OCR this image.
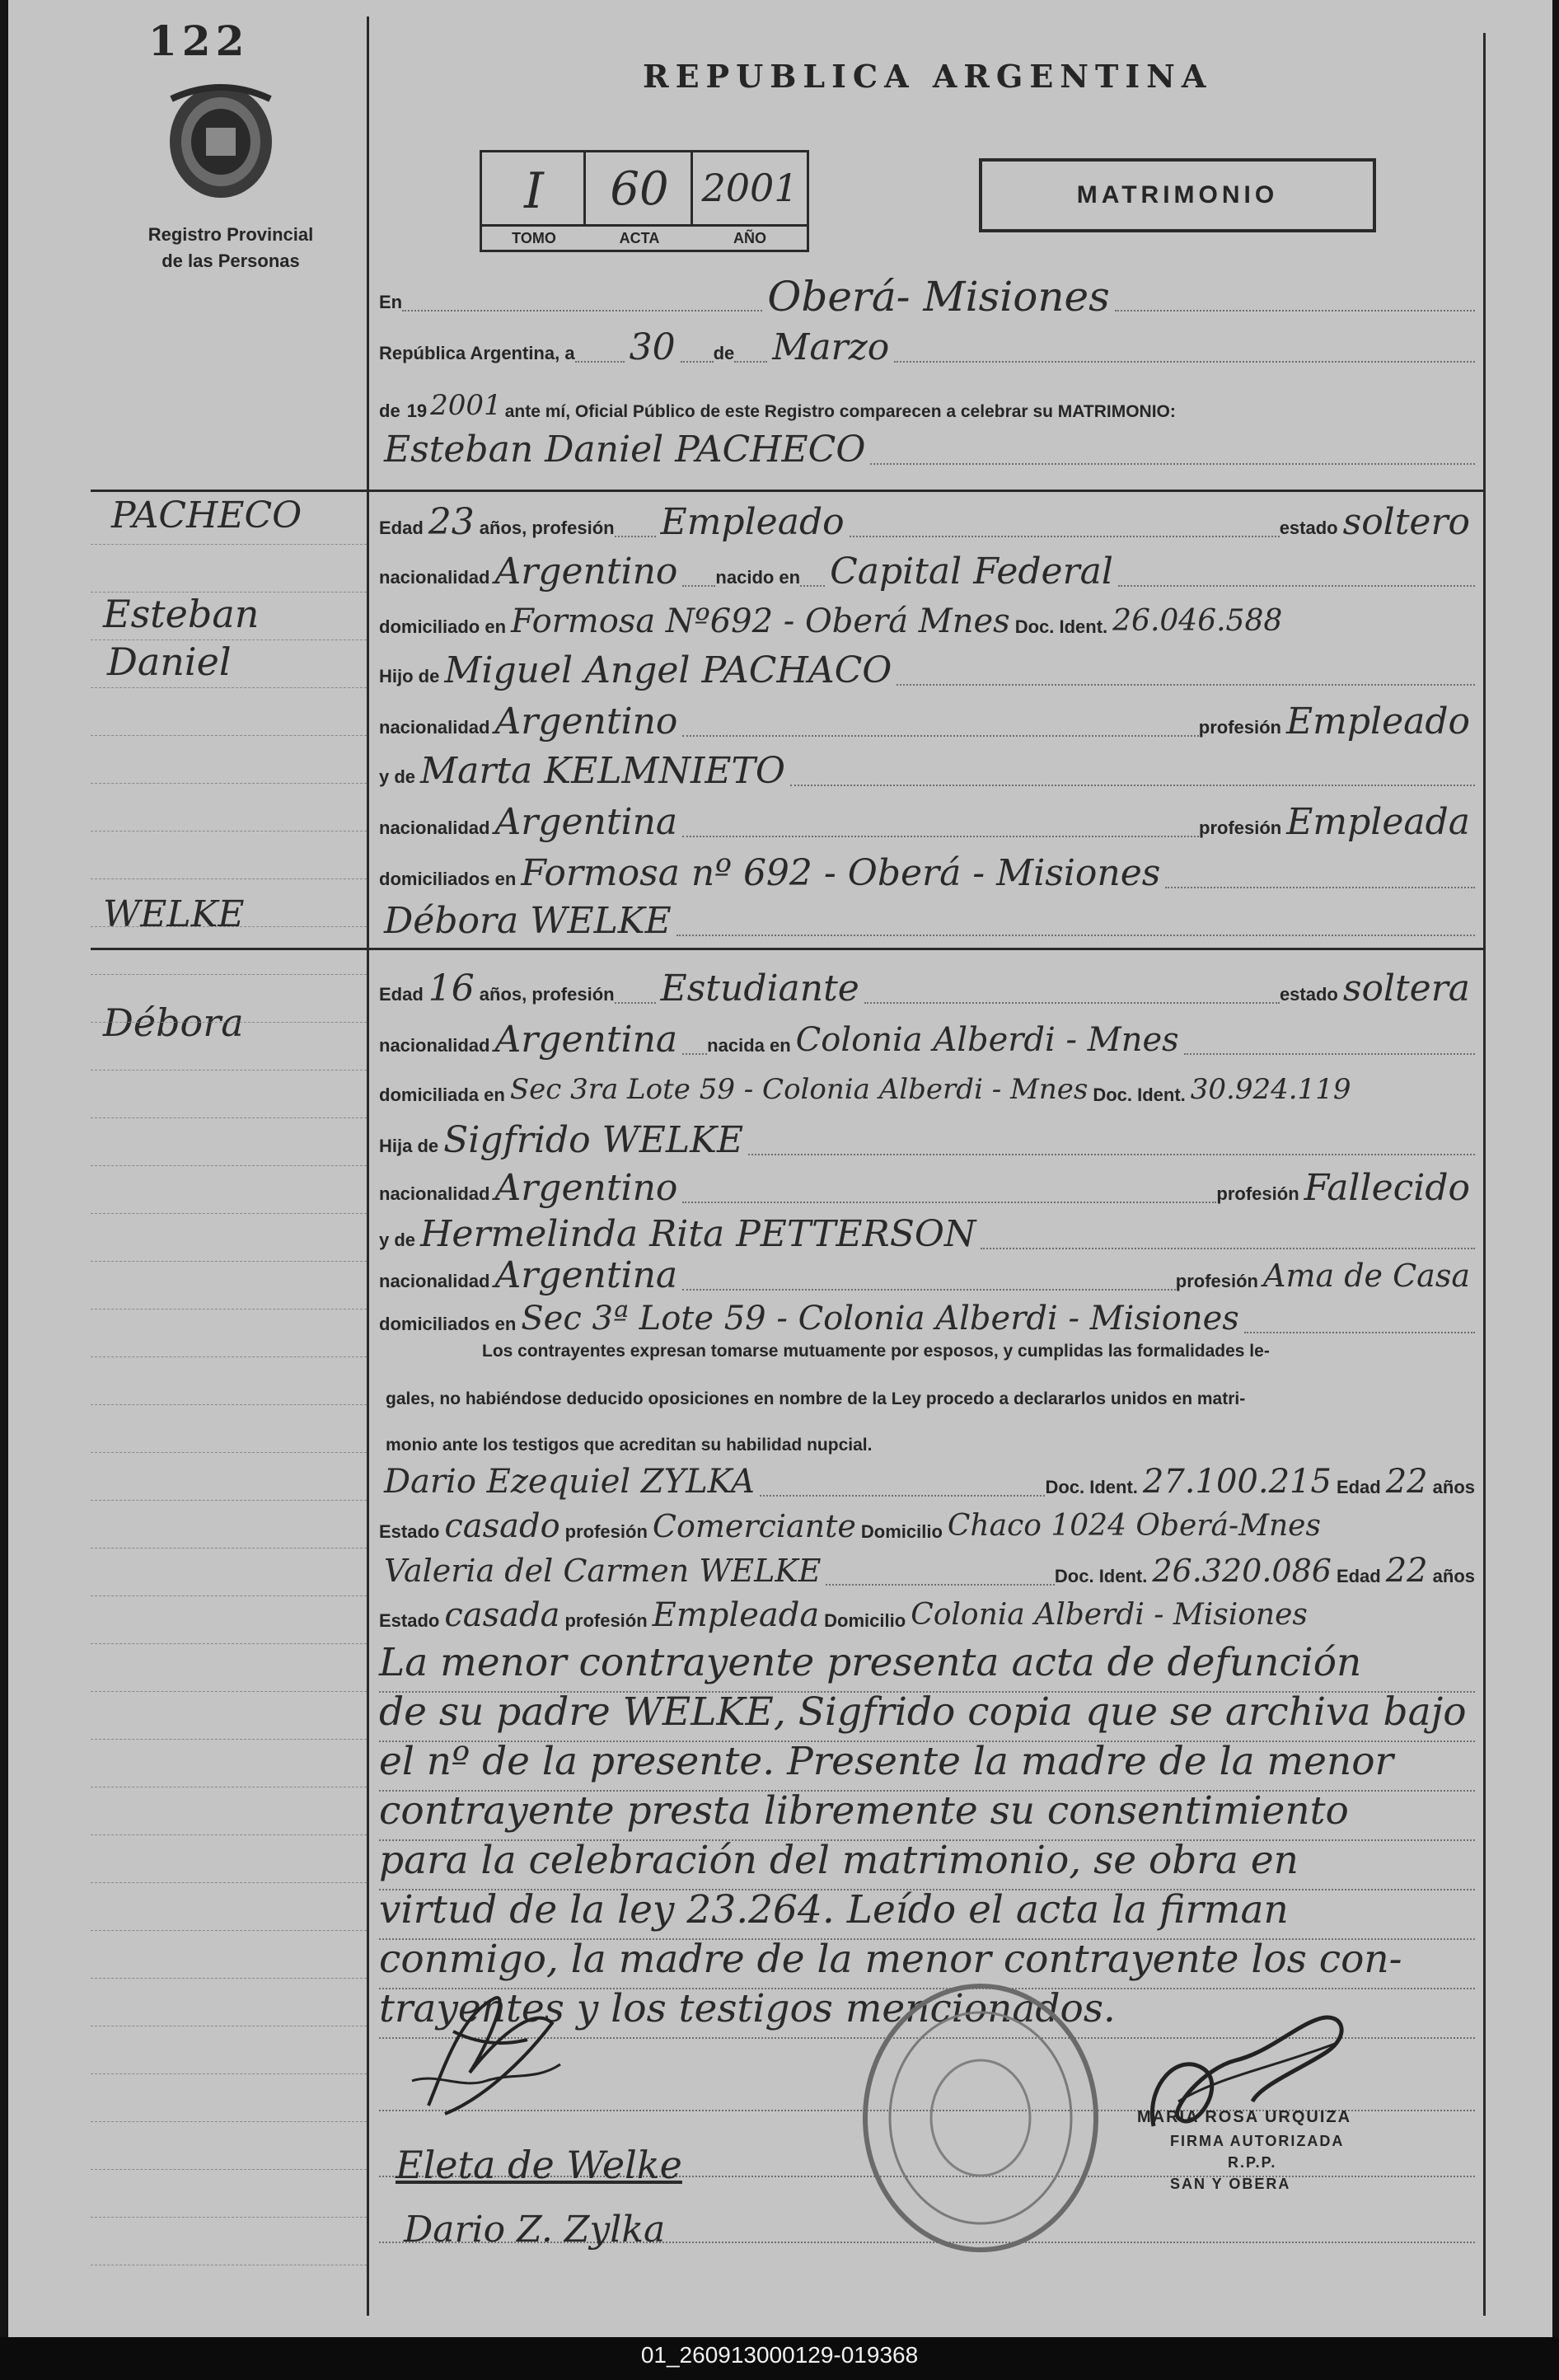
122
Registro Provincial
de las Personas
REPUBLICA ARGENTINA
I	60 2001
TOMO	ACTA	AÑO
MATRIMONIO
En	Oberá- Misiones
República Argentina, a 30 de Marzo
de 19 2001 ante mí, Oficial Público de este Registro comparecen a celebrar su MATRIMONIO:
Esteban Daniel PACHECO
Edad 23 años, profesión Empleado	estado soltero
nacionalidad Argentino nacido en Capital Federal
domiciliado en Formosa Nº692 - Oberá Mnes Doc. Ident. 26.046.588
Hijo de Miguel Angel PACHACO
nacionalidad Argentino	profesión Empleado
y de Marta KELMNIETO
nacionalidad Argentina	profesión Empleada
domiciliados en Formosa nº 692 - Oberá - Misiones
Débora WELKE
Edad 16 años, profesión Estudiante	estado soltera
nacionalidad Argentina nacida en Colonia Alberdi - Mnes
domiciliada en Sec 3ra Lote 59 - Colonia Alberdi - Mnes Doc. Ident. 30.924.119
Hija de Sigfrido WELKE
nacionalidad Argentino	profesión Fallecido
y de Hermelinda Rita PETTERSON
nacionalidad Argentina	profesión Ama de Casa
domiciliados en Sec 3ª Lote 59 - Colonia Alberdi - Misiones
Los contrayentes expresan tomarse mutuamente por esposos, y cumplidas las formalidades le-
gales, no habiéndose deducido oposiciones en nombre de la Ley procedo a declararlos unidos en matri-
monio ante los testigos que acreditan su habilidad nupcial.
Dario Ezequiel ZYLKA	Doc. Ident. 27.100.215 Edad 22 años
Estado casado profesión Comerciante Domicilio Chaco 1024 Oberá-Mnes
Valeria del Carmen WELKE	Doc. Ident. 26.320.086 Edad 22 años
Estado casada profesión Empleada Domicilio Colonia Alberdi - Misiones
La menor contrayente presenta acta de defunción
de su padre WELKE, Sigfrido copia que se archiva bajo
el nº de la presente. Presente la madre de la menor
contrayente presta libremente su consentimiento
para la celebración del matrimonio, se obra en
virtud de la ley 23.264. Leído el acta la firman
conmigo, la madre de la menor contrayente los con-
trayentes y los testigos mencionados.
Eleta de Welke
Dario Z. Zylka
MARIA ROSA URQUIZA
FIRMA AUTORIZADA
R.P.P.
SAN Y OBERA
PACHECO
Esteban
Daniel
WELKE
Débora
01_260913000129-019368
